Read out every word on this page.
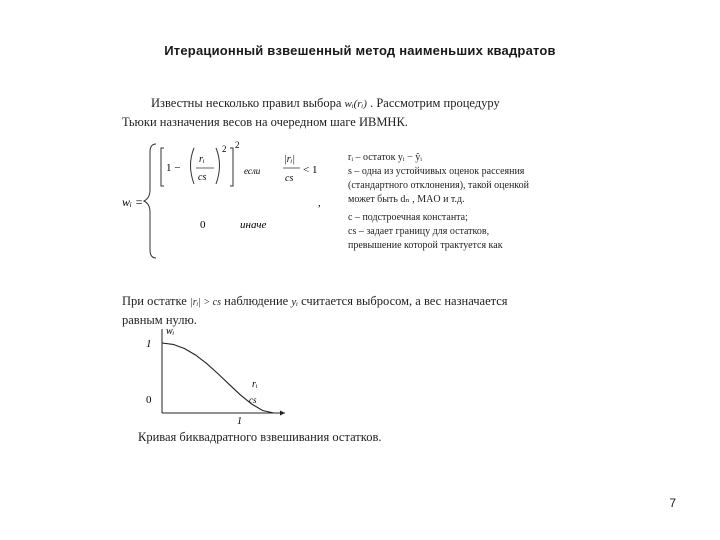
Итерационный взвешенный метод наименьших квадратов
Известны несколько правил выбора wᵢ(rᵢ) . Рассмотрим процедуру
Тьюки назначения весов на очередном шаге ИВМНК.
wᵢ =
1 −
rᵢ
cs
2 2
если
|rᵢ|
cs
< 1
,
0	иначе
rᵢ – остаток yᵢ − ŷᵢ
s – одна из устойчивых оценок рассеяния
(стандартного отклонения), такой оценкой
может быть dₙ , MAO и т.д.
c – подстроечная константа;
cs – задает границу для остатков,
превышение которой трактуется как
При остатке |rᵢ| > cs наблюдение yᵢ считается выбросом, а вес назначается
равным нулю.
wᵢ
1
0
rᵢ
cs
1
Кривая биквадратного взвешивания остатков.
7
